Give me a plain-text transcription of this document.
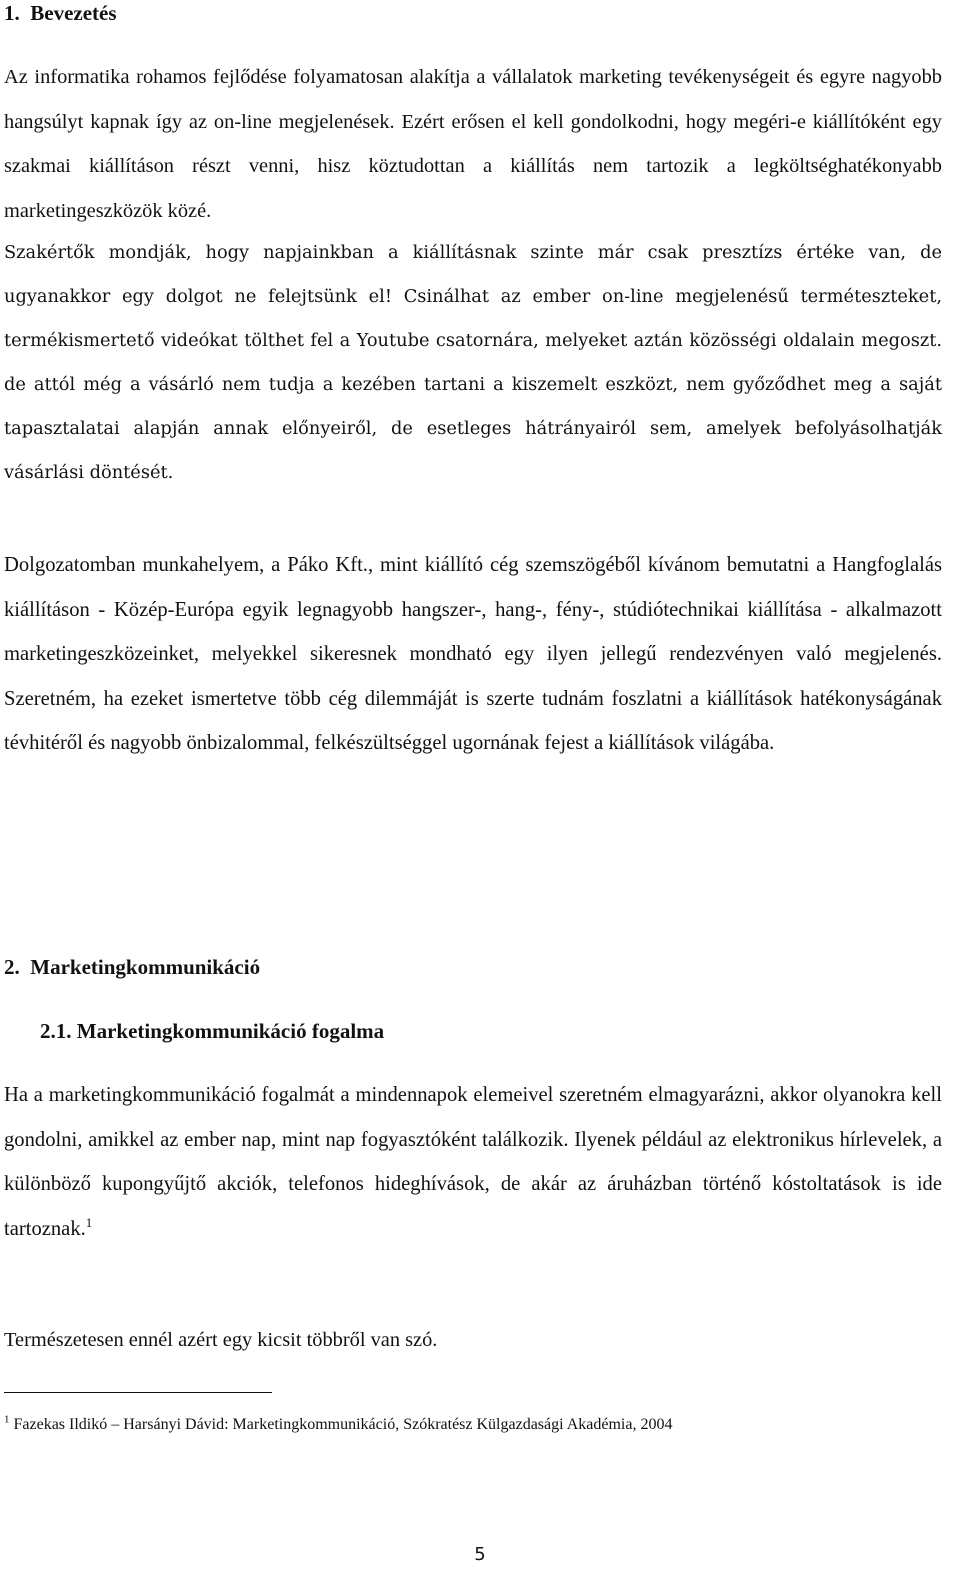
1.  Bevezetés

Az informatika rohamos fejlődése folyamatosan alakítja a vállalatok marketing tevékenységeit és egyre nagyobb hangsúlyt kapnak így az on-line megjelenések. Ezért erősen el kell gondolkodni, hogy megéri-e kiállítóként egy szakmai kiállításon részt venni, hisz köztudottan a kiállítás nem tartozik a legköltséghatékonyabb marketingeszközök közé.

Szakértők mondják, hogy napjainkban a kiállításnak szinte már csak presztízs értéke van, de ugyanakkor egy dolgot ne felejtsünk el! Csinálhat az ember on-line megjelenésű terméteszteket, termékismertető videókat tölthet fel a Youtube csatornára, melyeket aztán közösségi oldalain megoszt. de attól még a vásárló nem tudja a kezében tartani a kiszemelt eszközt, nem győződhet meg a saját tapasztalatai alapján annak előnyeiről, de esetleges hátrányairól sem, amelyek befolyásolhatják vásárlási döntését.

Dolgozatomban munkahelyem, a Páko Kft., mint kiállító cég szemszögéből kívánom bemutatni a Hangfoglalás kiállításon - Közép-Európa egyik legnagyobb hangszer-, hang-, fény-, stúdiótechnikai kiállítása - alkalmazott marketingeszközeinket, melyekkel sikeresnek mondható egy ilyen jellegű rendezvényen való megjelenés. Szeretném, ha ezeket ismertetve több cég dilemmáját is szerte tudnám foszlatni a kiállítások hatékonyságának tévhitéről és nagyobb önbizalommal, felkészültséggel ugornának fejest a kiállítások világába.

2.  Marketingkommunikáció
2.1. Marketingkommunikáció fogalma

Ha a marketingkommunikáció fogalmát a mindennapok elemeivel szeretném elmagyarázni, akkor olyanokra kell gondolni, amikkel az ember nap, mint nap fogyasztóként találkozik. Ilyenek például az elektronikus hírlevelek, a különböző kupongyűjtő akciók, telefonos hideghívások, de akár az áruházban történő kóstoltatások is ide tartoznak.$^1$

Természetesen ennél azért egy kicsit többről van szó.

$^1$ Fazekas Ildikó – Harsányi Dávid: Marketingkommunikáció, Szókratész Külgazdasági Akadémia, 2004
5
